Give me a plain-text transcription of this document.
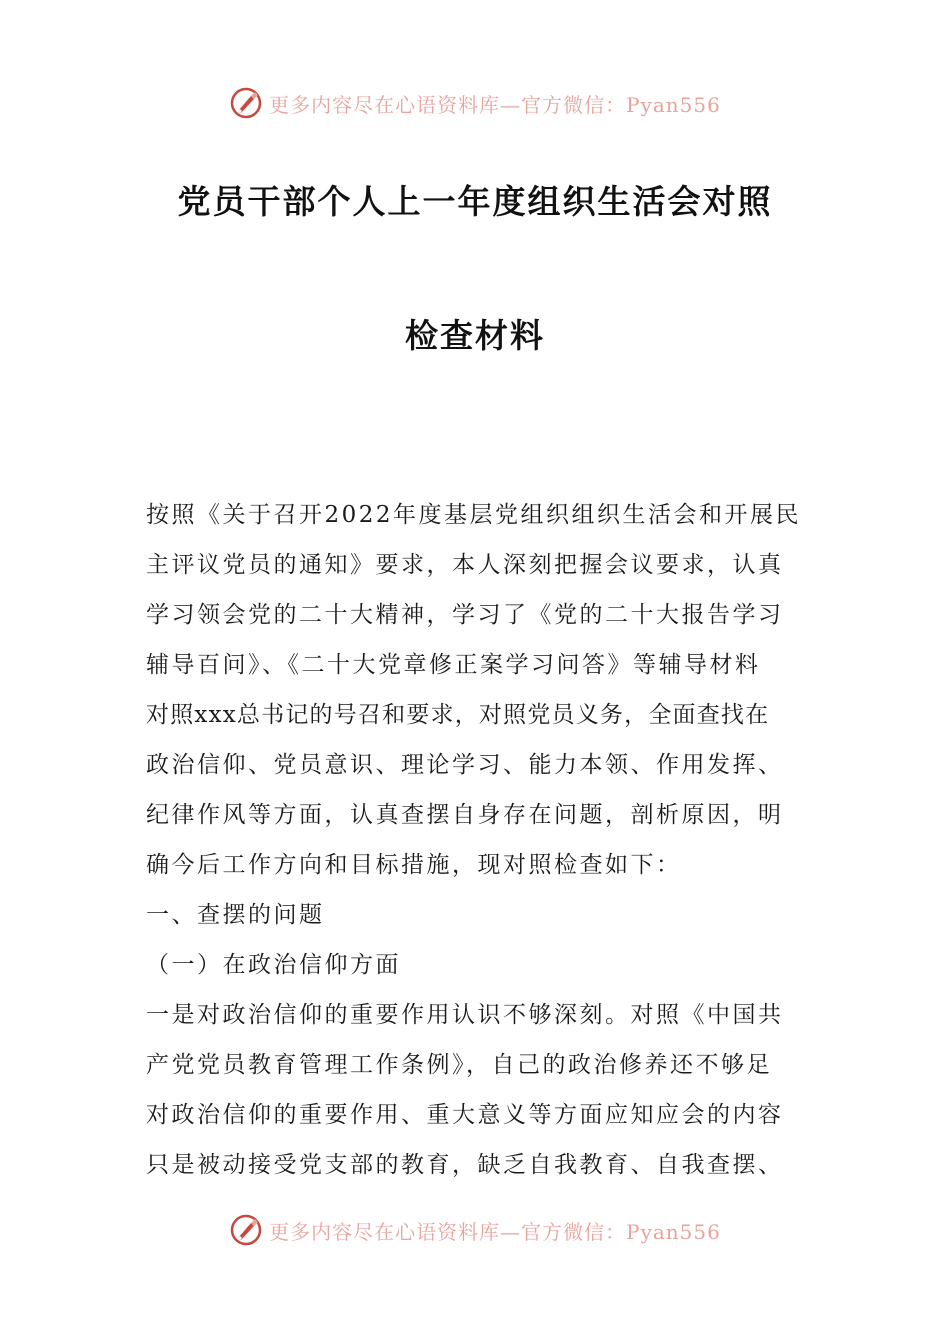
更多内容尽在心语资料库—官方微信：Pyan556
党员干部个人上一年度组织生活会对照
检查材料
按照《关于召开2022年度基层党组织组织生活会和开展民
主评议党员的通知》要求，本人深刻把握会议要求，认真
学习领会党的二十大精神，学习了《党的二十大报告学习
辅导百问》、《二十大党章修正案学习问答》等辅导材料
对照xxx总书记的号召和要求，对照党员义务，全面查找在
政治信仰、党员意识、理论学习、能力本领、作用发挥、
纪律作风等方面，认真查摆自身存在问题，剖析原因，明
确今后工作方向和目标措施，现对照检查如下：
一、查摆的问题
（一）在政治信仰方面
一是对政治信仰的重要作用认识不够深刻。对照《中国共
产党党员教育管理工作条例》，自己的政治修养还不够足
对政治信仰的重要作用、重大意义等方面应知应会的内容
只是被动接受党支部的教育，缺乏自我教育、自我查摆、
更多内容尽在心语资料库—官方微信：Pyan556
